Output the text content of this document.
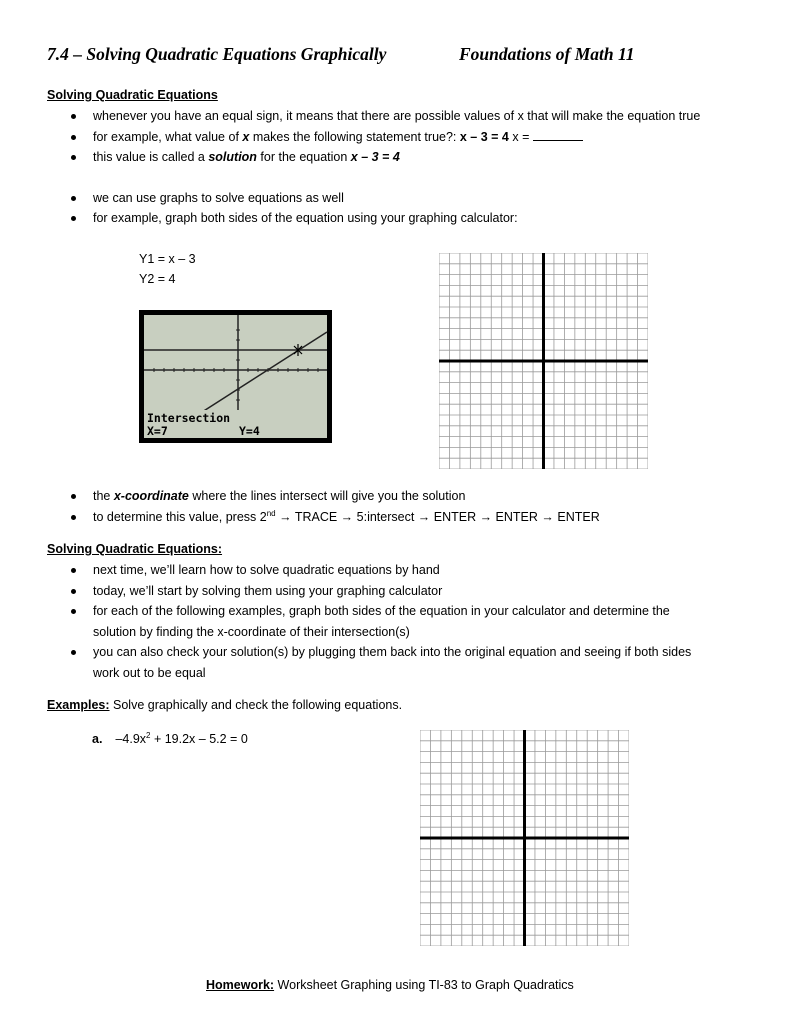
7.4 – Solving Quadratic Equations Graphically	Foundations of Math 11
Solving Quadratic Equations
whenever you have an equal sign, it means that there are possible values of x that will make the equation true
for example, what value of x makes the following statement true?: x – 3 = 4 x =
this value is called a solution for the equation x – 3 = 4
we can use graphs to solve equations as well
for example, graph both sides of the equation using your graphing calculator:
Y1 = x – 3
Y2 = 4
Intersection
X=7	Y=4
the x-coordinate where the lines intersect will give you the solution
to determine this value, press 2nd → TRACE → 5:intersect → ENTER → ENTER → ENTER
Solving Quadratic Equations:
next time, we’ll learn how to solve quadratic equations by hand
today, we’ll start by solving them using your graphing calculator
for each of the following examples, graph both sides of the equation in your calculator and determine the
solution by finding the x-coordinate of their intersection(s)
you can also check your solution(s) by plugging them back into the original equation and seeing if both sides
work out to be equal
Examples: Solve graphically and check the following equations.
a. $-4.9x^2 + 19.2x - 5.2 = 0$
Homework: Worksheet Graphing using TI-83 to Graph Quadratics
